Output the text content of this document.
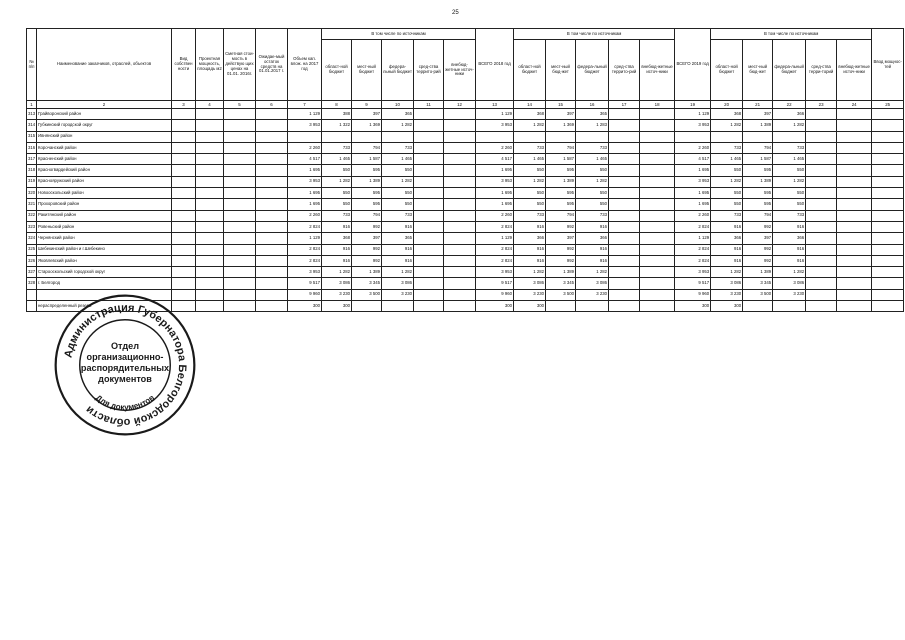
25
№ п/п	Наименование заказчиков, отраслей, объектов	Вид собствен ности	Проектная мощность, площадь м2	Сметная стои-мость в действую щих ценах на 01.01. 2016г.	Ожидае-мый остаток средств на 01.01.2017 г.	Объем кап. влож. на 2017 год	В том числе по источникам					ВСЕГО 2018 год	В том числе по источникам					ВСЕГО 2019 год	В том числе по источникам					Ввод мощнос-тей
							област-ной бюджет	мест-ный бюджет	федера-льный бюджет	сред-ства террито-рий	внебюд-жетные источ-ники		област-ной бюджет	мест-ный бюд-жет	федера-льный бюджет	сред-ства террито-рий	внебюд-жетные источ-ники		област-ной бюджет	мест-ный бюд-жет	федера-льный бюджет	сред-ства терри-торий	внебюд-жетные источ-ники	
1	2	3	4	5	6	7	8	9	10	11	12	13	14	15	16	17	18	19	20	21	22	23	24	25
313	Грайворонский район					1 129	388	397	365			1 129	368	397	365			1 129	368	397	366			
314	Губкинский городской округ					3 953	1 322	1 369	1 282			3 953	1 282	1 369	1 283			3 953	1 282	1 389	1 282			
315	Ивнянский район																							
316	Корочанский район					2 260	733	794	733			2 260	733	794	733			2 260	733	794	733			
317	Красненский район					4 517	1 465	1 587	1 465			4 517	1 465	1 587	1 465			4 517	1 465	1 587	1 465			
318	Красногвардейский район					1 695	550	595	550			1 695	550	595	550			1 695	550	595	550			
319	Краснояружский район					3 953	1 282	1 389	1 282			3 953	1 282	1 389	1 282			3 953	1 282	1 389	1 282			
320	Новооскольский район					1 695	550	595	550			1 695	550	595	550			1 695	550	595	550			
321	Прохоровский район					1 695	550	595	550			1 695	550	595	550			1 695	550	595	550			
322	Ракитянский район					2 260	733	794	733			2 260	733	794	733			2 260	733	794	733			
323	Ровеньский район					2 824	916	992	916			2 824	916	992	916			2 824	916	992	916			
324	Чернянский район					1 129	368	397	365			1 129	366	397	366			1 129	366	397	366			
325	Шебекинский район и г.Шебекино					2 824	916	992	916			2 824	916	992	916			2 824	916	992	916			
326	Яковлевский район					2 824	916	992	916			2 824	916	992	916			2 824	916	992	916			
327	Старооскольский городской округ					3 953	1 282	1 389	1 282			3 953	1 282	1 389	1 282			3 953	1 282	1 389	1 282			
328	г. Белгород					9 517	3 086	3 345	3 086			9 517	3 086	3 345	3 086			9 517	3 086	3 345	3 086			
						9 960	3 230	3 500	3 230			9 960	3 230	3 500	3 230			9 960	3 230	3 500	3 230			
	нераспределенный резерв					300	300					300	300					300	300					
Администрация Губернатора Белгородской области
Для документов
Отдел
организационно-
распорядительных
документов
